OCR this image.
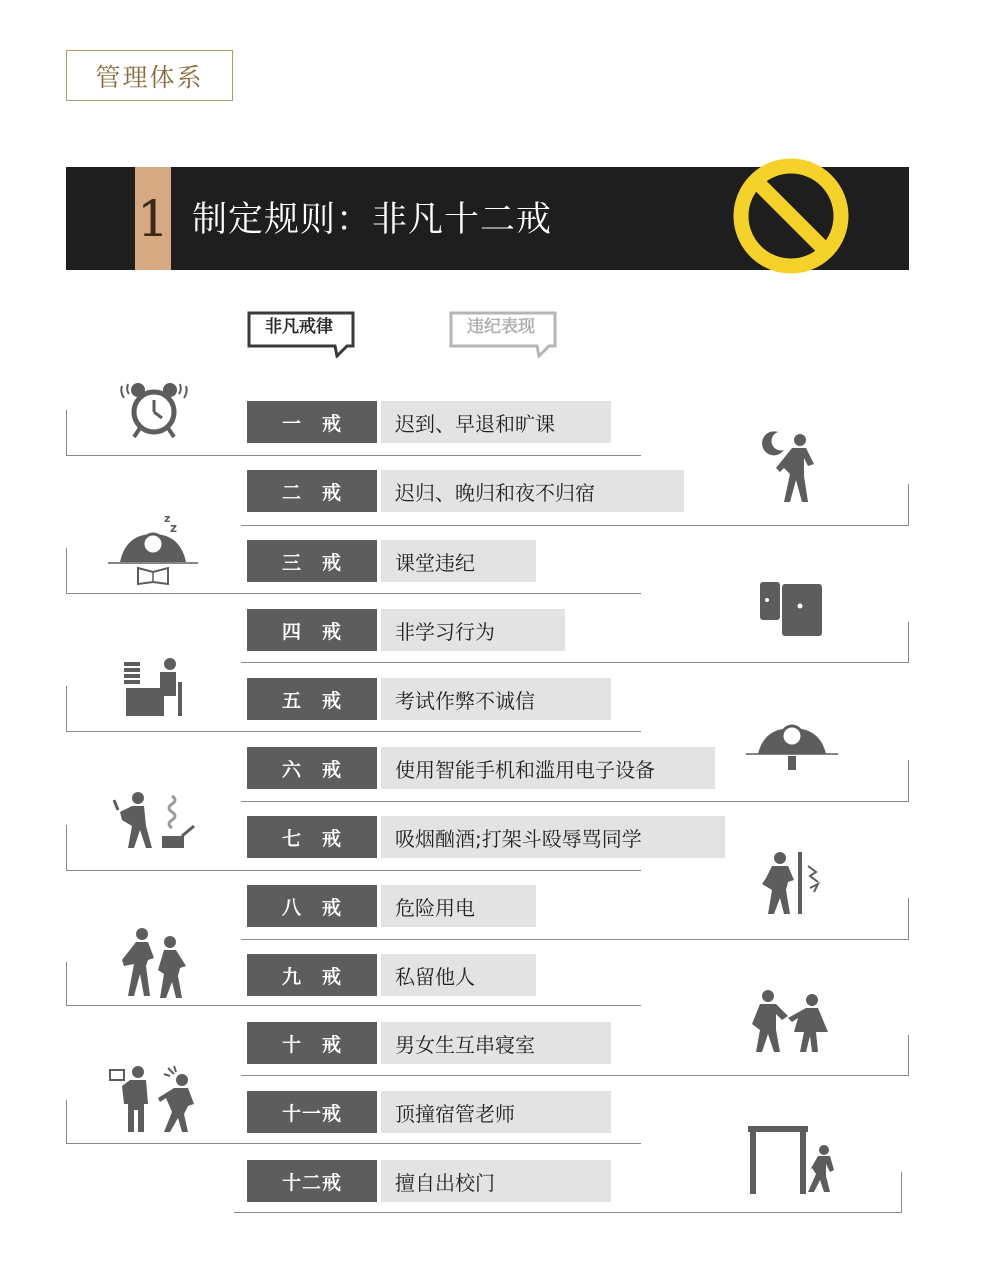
管理体系
1 制定规则：非凡十二戒
非凡戒律	违纪表现
一　戒	迟到、早退和旷课
二　戒	迟归、晚归和夜不归宿
三　戒	课堂违纪
四　戒	非学习行为
五　戒	考试作弊不诚信
六　戒	使用智能手机和滥用电子设备
七　戒	吸烟酗酒;打架斗殴辱骂同学
八　戒	危险用电
九　戒	私留他人
十　戒	男女生互串寝室
十一戒	顶撞宿管老师
十二戒	擅自出校门
z
z
